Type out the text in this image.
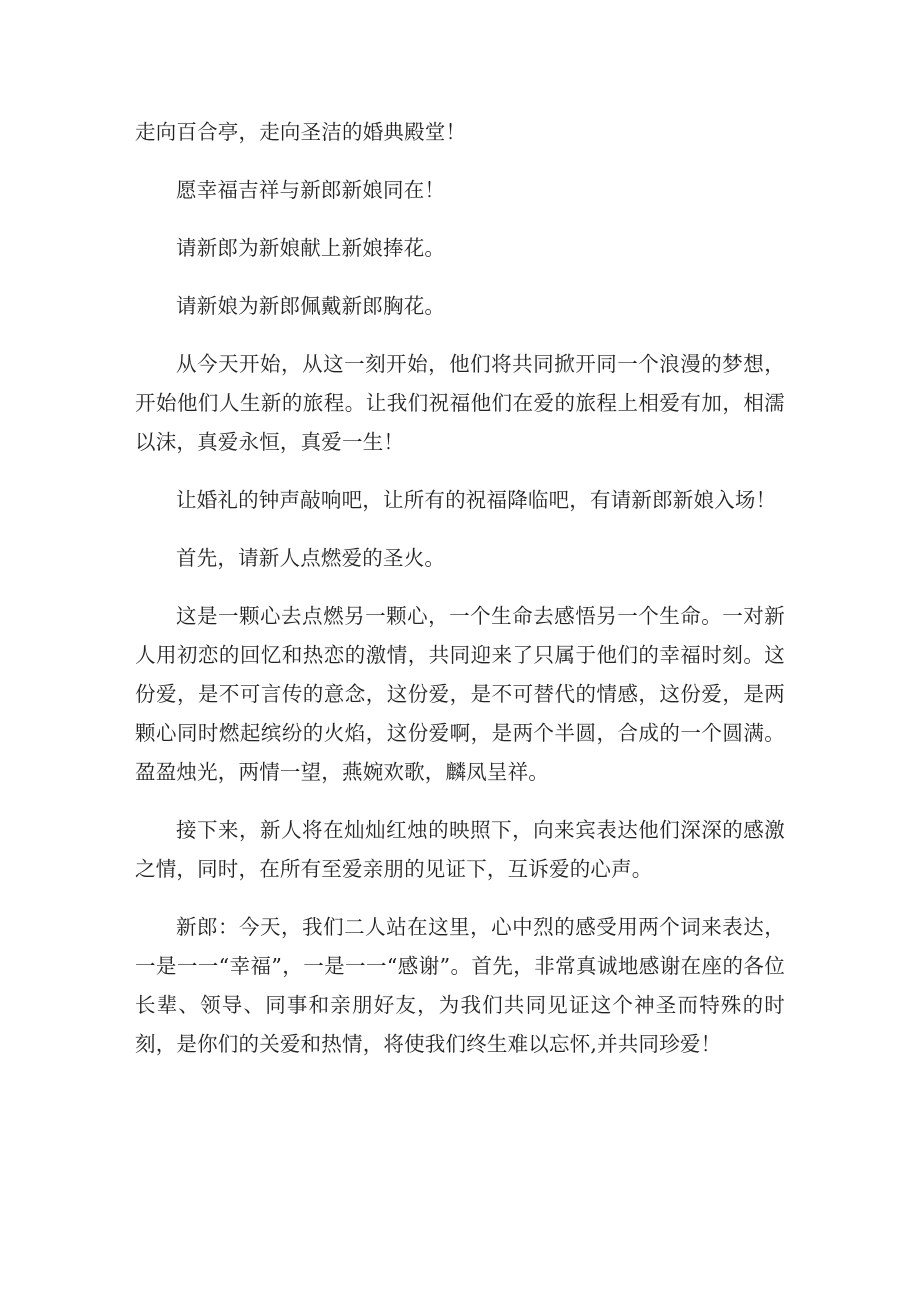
走向百合亭，走向圣洁的婚典殿堂！

愿幸福吉祥与新郎新娘同在！

请新郎为新娘献上新娘捧花。

请新娘为新郎佩戴新郎胸花。

从今天开始，从这一刻开始，他们将共同掀开同一个浪漫的梦想，开始他们人生新的旅程。让我们祝福他们在爱的旅程上相爱有加，相濡以沫，真爱永恒，真爱一生！

让婚礼的钟声敲响吧，让所有的祝福降临吧，有请新郎新娘入场！

首先，请新人点燃爱的圣火。

这是一颗心去点燃另一颗心，一个生命去感悟另一个生命。一对新人用初恋的回忆和热恋的激情，共同迎来了只属于他们的幸福时刻。这份爱，是不可言传的意念，这份爱，是不可替代的情感，这份爱，是两颗心同时燃起缤纷的火焰，这份爱啊，是两个半圆，合成的一个圆满。盈盈烛光，两情一望，燕婉欢歌，麟凤呈祥。

接下来，新人将在灿灿红烛的映照下，向来宾表达他们深深的感激之情，同时，在所有至爱亲朋的见证下，互诉爱的心声。

新郎：今天，我们二人站在这里，心中烈的感受用两个词来表达，一是一一“幸福”，一是一一“感谢”。首先，非常真诚地感谢在座的各位长辈、领导、同事和亲朋好友，为我们共同见证这个神圣而特殊的时刻，是你们的关爱和热情，将使我们终生难以忘怀,并共同珍爱！
